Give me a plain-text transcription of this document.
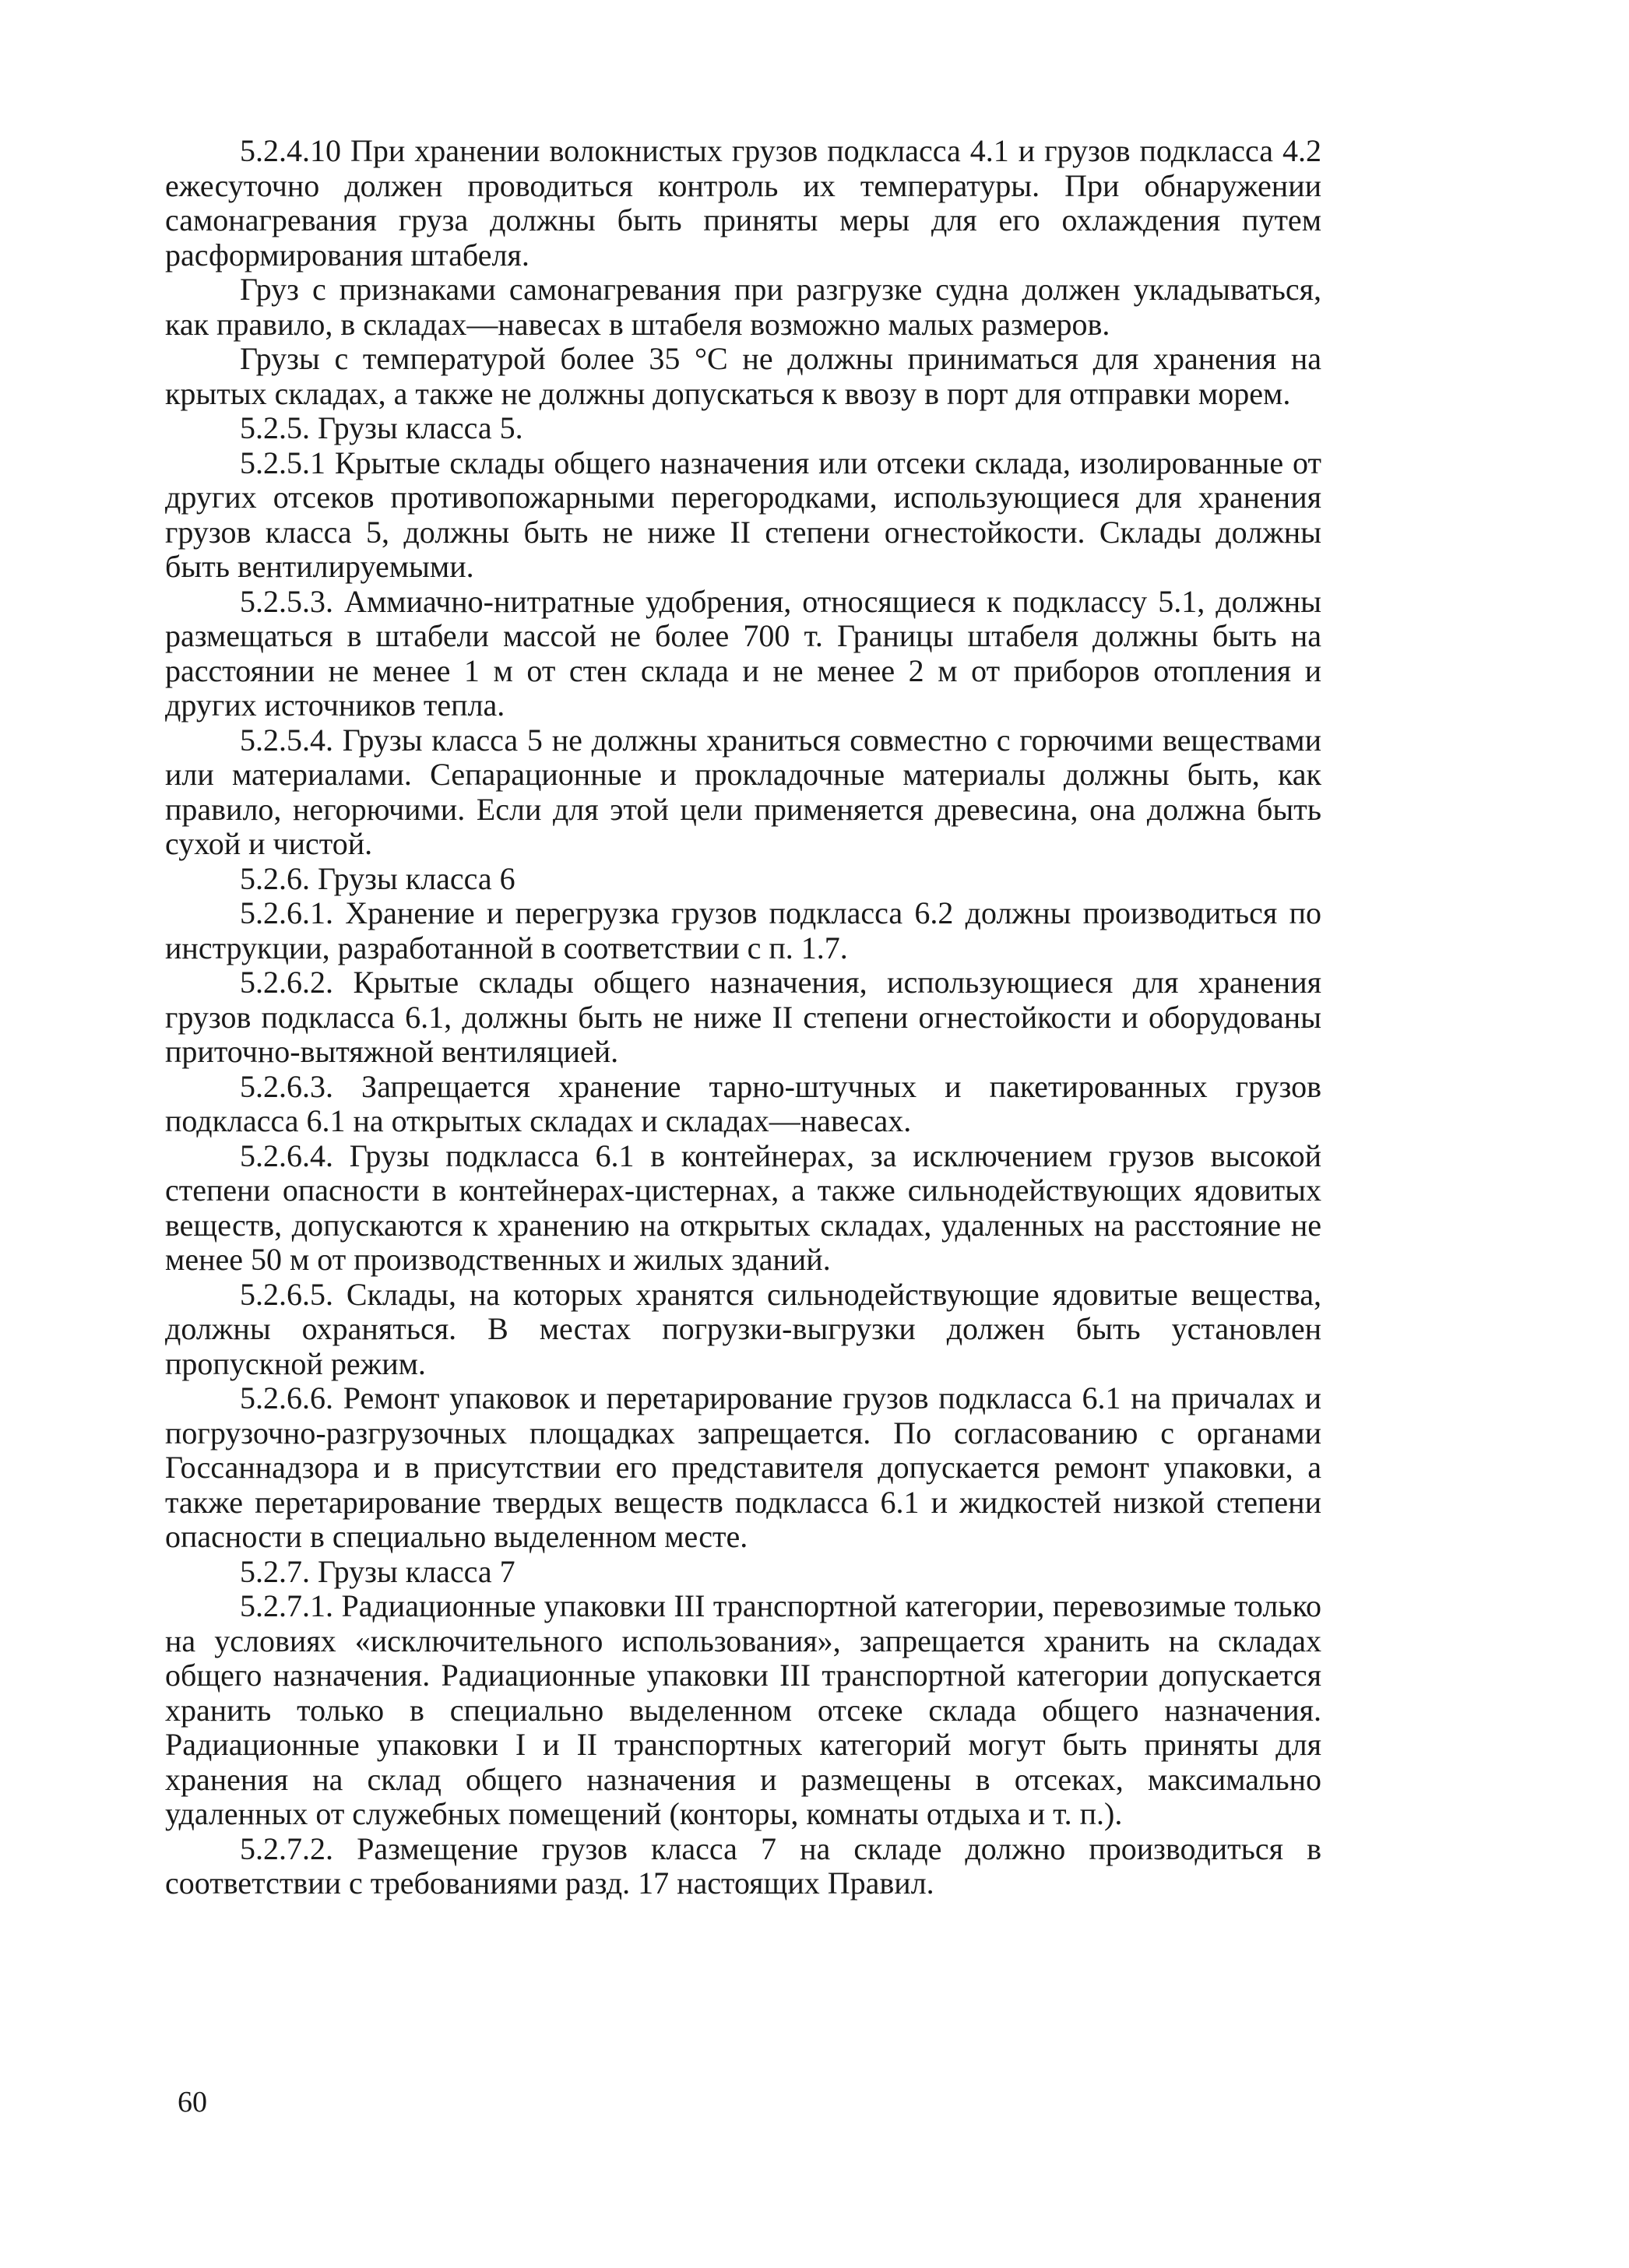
5.2.4.10 При хранении волокнистых грузов подкласса 4.1 и грузов подкласса 4.2 ежесуточно должен проводиться контроль их температуры. При обнаружении самонагревания груза должны быть приняты меры для его охлаждения путем расформирования штабеля.

Груз с признаками самонагревания при разгрузке судна должен укладываться, как правило, в складах—навесах в штабеля возможно малых размеров.

Грузы с температурой более 35 °C не должны приниматься для хранения на крытых складах, а также не должны допускаться к ввозу в порт для отправки морем.

5.2.5. Грузы класса 5.

5.2.5.1 Крытые склады общего назначения или отсеки склада, изолированные от других отсеков противопожарными перегородками, использующиеся для хранения грузов класса 5, должны быть не ниже II степени огнестойкости. Склады должны быть вентилируемыми.

5.2.5.3. Аммиачно-нитратные удобрения, относящиеся к подклассу 5.1, должны размещаться в штабели массой не более 700 т. Границы штабеля должны быть на расстоянии не менее 1 м от стен склада и не менее 2 м от приборов отопления и других источников тепла.

5.2.5.4. Грузы класса 5 не должны храниться совместно с горючими веществами или материалами. Сепарационные и прокладочные материалы должны быть, как правило, негорючими. Если для этой цели применяется древесина, она должна быть сухой и чистой.

5.2.6. Грузы класса 6

5.2.6.1. Хранение и перегрузка грузов подкласса 6.2 должны производиться по инструкции, разработанной в соответствии с п. 1.7.

5.2.6.2. Крытые склады общего назначения, использующиеся для хранения грузов подкласса 6.1, должны быть не ниже II степени огнестойкости и оборудованы приточно-вытяжной вентиляцией.

5.2.6.3. Запрещается хранение тарно-штучных и пакетированных грузов подкласса 6.1 на открытых складах и складах—навесах.

5.2.6.4. Грузы подкласса 6.1 в контейнерах, за исключением грузов высокой степени опасности в контейнерах-цистернах, а также сильнодействующих ядовитых веществ, допускаются к хранению на открытых складах, удаленных на расстояние не менее 50 м от производственных и жилых зданий.

5.2.6.5. Склады, на которых хранятся сильнодействующие ядовитые вещества, должны охраняться. В местах погрузки-выгрузки должен быть установлен пропускной режим.

5.2.6.6. Ремонт упаковок и перетарирование грузов подкласса 6.1 на причалах и погрузочно-разгрузочных площадках запрещается. По согласованию с органами Госсаннадзора и в присутствии его представителя допускается ремонт упаковки, а также перетарирование твердых веществ подкласса 6.1 и жидкостей низкой степени опасности в специально выделенном месте.

5.2.7. Грузы класса 7

5.2.7.1. Радиационные упаковки III транспортной категории, перевозимые только на условиях «исключительного использования», запрещается хранить на складах общего назначения. Радиационные упаковки III транспортной категории допускается хранить только в специально выделенном отсеке склада общего назначения. Радиационные упаковки I и II транспортных категорий могут быть приняты для хранения на склад общего назначения и размещены в отсеках, максимально удаленных от служебных помещений (конторы, комнаты отдыха и т. п.).

5.2.7.2. Размещение грузов класса 7 на складе должно производиться в соответствии с требованиями разд. 17 настоящих Правил.

60
